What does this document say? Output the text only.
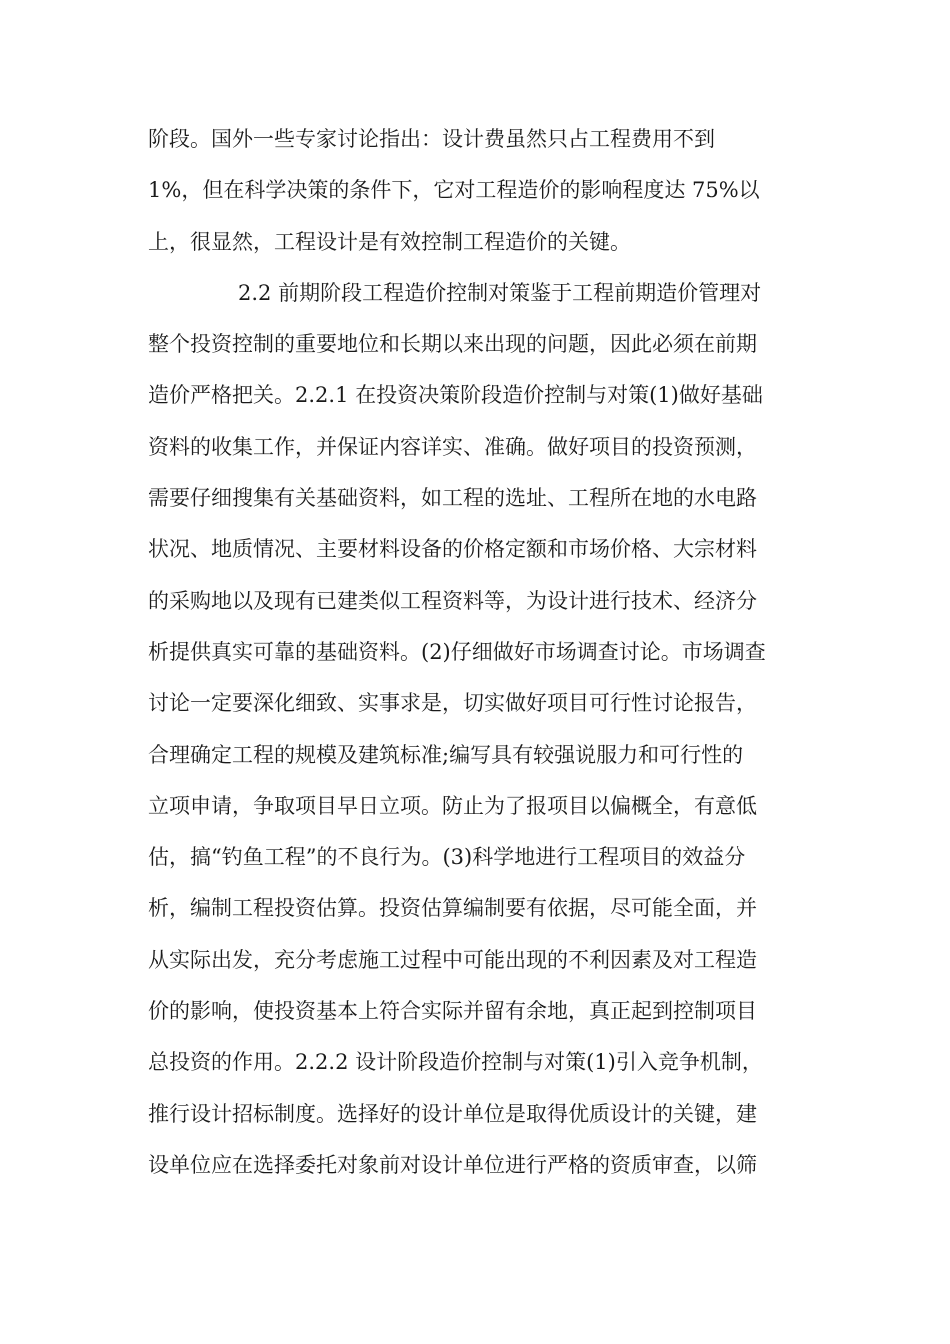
阶段。国外一些专家讨论指出：设计费虽然只占工程费用不到
1%，但在科学决策的条件下，它对工程造价的影响程度达 75%以
上，很显然，工程设计是有效控制工程造价的关键。
2.2 前期阶段工程造价控制对策鉴于工程前期造价管理对
整个投资控制的重要地位和长期以来出现的问题，因此必须在前期
造价严格把关。2.2.1 在投资决策阶段造价控制与对策(1)做好基础
资料的收集工作，并保证内容详实、准确。做好项目的投资预测，
需要仔细搜集有关基础资料，如工程的选址、工程所在地的水电路
状况、地质情况、主要材料设备的价格定额和市场价格、大宗材料
的采购地以及现有已建类似工程资料等，为设计进行技术、经济分
析提供真实可靠的基础资料。(2)仔细做好市场调查讨论。市场调查
讨论一定要深化细致、实事求是，切实做好项目可行性讨论报告，
合理确定工程的规模及建筑标准;编写具有较强说服力和可行性的
立项申请，争取项目早日立项。防止为了报项目以偏概全，有意低
估，搞“钓鱼工程”的不良行为。(3)科学地进行工程项目的效益分
析，编制工程投资估算。投资估算编制要有依据，尽可能全面，并
从实际出发，充分考虑施工过程中可能出现的不利因素及对工程造
价的影响，使投资基本上符合实际并留有余地，真正起到控制项目
总投资的作用。2.2.2 设计阶段造价控制与对策(1)引入竞争机制，
推行设计招标制度。选择好的设计单位是取得优质设计的关键，建
设单位应在选择委托对象前对设计单位进行严格的资质审查，以筛
